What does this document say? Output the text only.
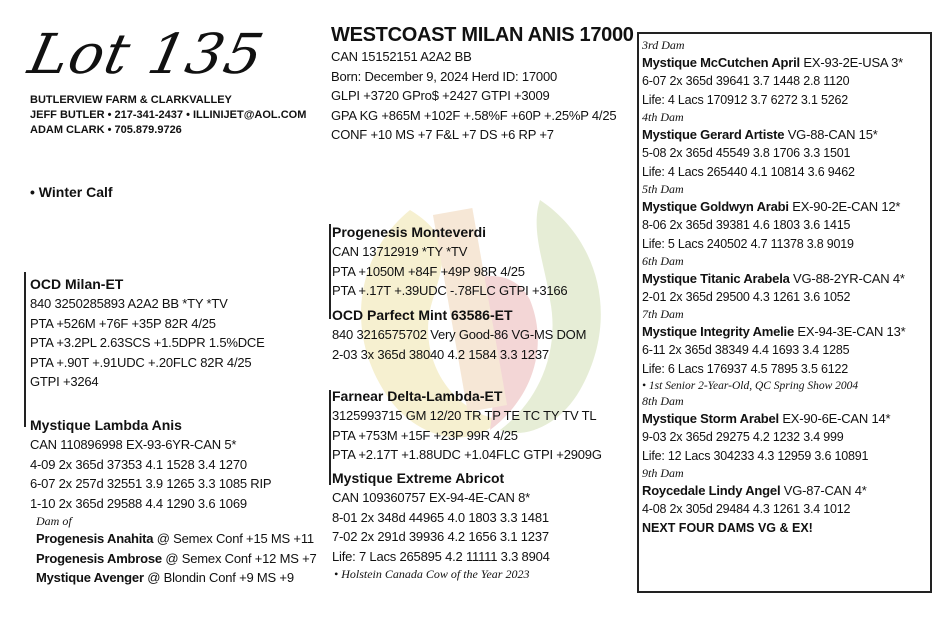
Lot 135
BUTLERVIEW FARM & CLARKVALLEY
JEFF BUTLER • 217-341-2437 • ILLINIJET@AOL.COM
ADAM CLARK • 705.879.9726
• Winter Calf
WESTCOAST MILAN ANIS 17000
CAN 15152151 A2A2 BB
Born: December 9, 2024 Herd ID: 17000
GLPI +3720 GPro$ +2427 GTPI +3009
GPA KG +865M +102F +.58%F +60P +.25%P 4/25
CONF +10 MS +7 F&L +7 DS +6 RP +7
OCD Milan-ET
840 3250285893 A2A2 BB *TY *TV
PTA +526M +76F +35P 82R 4/25
PTA +3.2PL 2.63SCS +1.5DPR 1.5%DCE
PTA +.90T +.91UDC +.20FLC 82R 4/25
GTPI +3264
Mystique Lambda Anis
CAN 110896998 EX-93-6YR-CAN 5*
4-09 2x 365d 37353 4.1 1528 3.4 1270
6-07 2x 257d 32551 3.9 1265 3.3 1085 RIP
1-10 2x 365d 29588 4.4 1290 3.6 1069
Dam of
Progenesis Anahita @ Semex Conf +15 MS +11
Progenesis Ambrose @ Semex Conf +12 MS +7
Mystique Avenger @ Blondin Conf +9 MS +9
Progenesis Monteverdi
CAN 13712919 *TY *TV
PTA +1050M +84F +49P 98R 4/25
PTA +.17T +.39UDC -.78FLC GTPI +3166
OCD Parfect Mint 63586-ET
840 3216575702 Very Good-86 VG-MS DOM
2-03 3x 365d 38040 4.2 1584 3.3 1237
Farnear Delta-Lambda-ET
3125993715 GM 12/20 TR TP TE TC TY TV TL
PTA +753M +15F +23P 99R 4/25
PTA +2.17T +1.88UDC +1.04FLC GTPI +2909G
Mystique Extreme Abricot
CAN 109360757 EX-94-4E-CAN 8*
8-01 2x 348d 44965 4.0 1803 3.3 1481
7-02 2x 291d 39936 4.2 1656 3.1 1237
Life: 7 Lacs 265895 4.2 11111 3.3 8904
• Holstein Canada Cow of the Year 2023
3rd Dam
Mystique McCutchen April EX-93-2E-USA 3*
6-07 2x 365d 39641 3.7 1448 2.8 1120
Life: 4 Lacs 170912 3.7 6272 3.1 5262
4th Dam
Mystique Gerard Artiste VG-88-CAN 15*
5-08 2x 365d 45549 3.8 1706 3.3 1501
Life: 4 Lacs 265440 4.1 10814 3.6 9462
5th Dam
Mystique Goldwyn Arabi EX-90-2E-CAN 12*
8-06 2x 365d 39381 4.6 1803 3.6 1415
Life: 5 Lacs 240502 4.7 11378 3.8 9019
6th Dam
Mystique Titanic Arabela VG-88-2YR-CAN 4*
2-01 2x 365d 29500 4.3 1261 3.6 1052
7th Dam
Mystique Integrity Amelie EX-94-3E-CAN 13*
6-11 2x 365d 38349 4.4 1693 3.4 1285
Life: 6 Lacs 176937 4.5 7895 3.5 6122
• 1st Senior 2-Year-Old, QC Spring Show 2004
8th Dam
Mystique Storm Arabel EX-90-6E-CAN 14*
9-03 2x 365d 29275 4.2 1232 3.4 999
Life: 12 Lacs 304233 4.3 12959 3.6 10891
9th Dam
Roycedale Lindy Angel VG-87-CAN 4*
4-08 2x 305d 29484 4.3 1261 3.4 1012
NEXT FOUR DAMS VG & EX!
